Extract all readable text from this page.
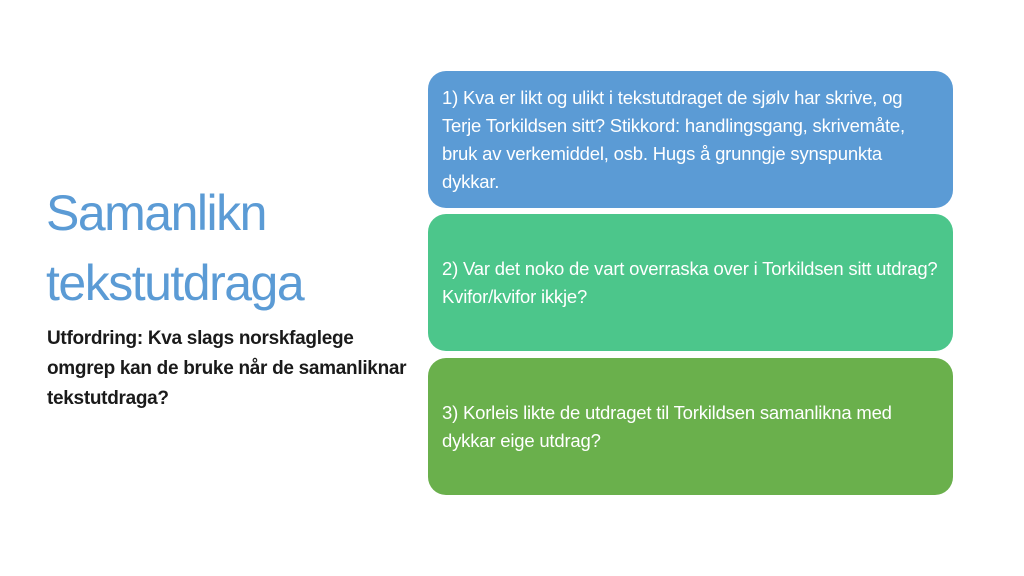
Samanlikn
tekstutdraga

Utfordring: Kva slags norskfaglege omgrep kan de bruke når de samanliknar tekstutdraga?

1) Kva er likt og ulikt i tekstutdraget de sjølv har skrive, og Terje Torkildsen sitt? Stikkord: handlingsgang, skrivemåte, bruk av verkemiddel, osb. Hugs å grunngje synspunkta dykkar.

2) Var det noko de vart overraska over i Torkildsen sitt utdrag? Kvifor/kvifor ikkje?

3) Korleis likte de utdraget til Torkildsen samanlikna med dykkar eige utdrag?
